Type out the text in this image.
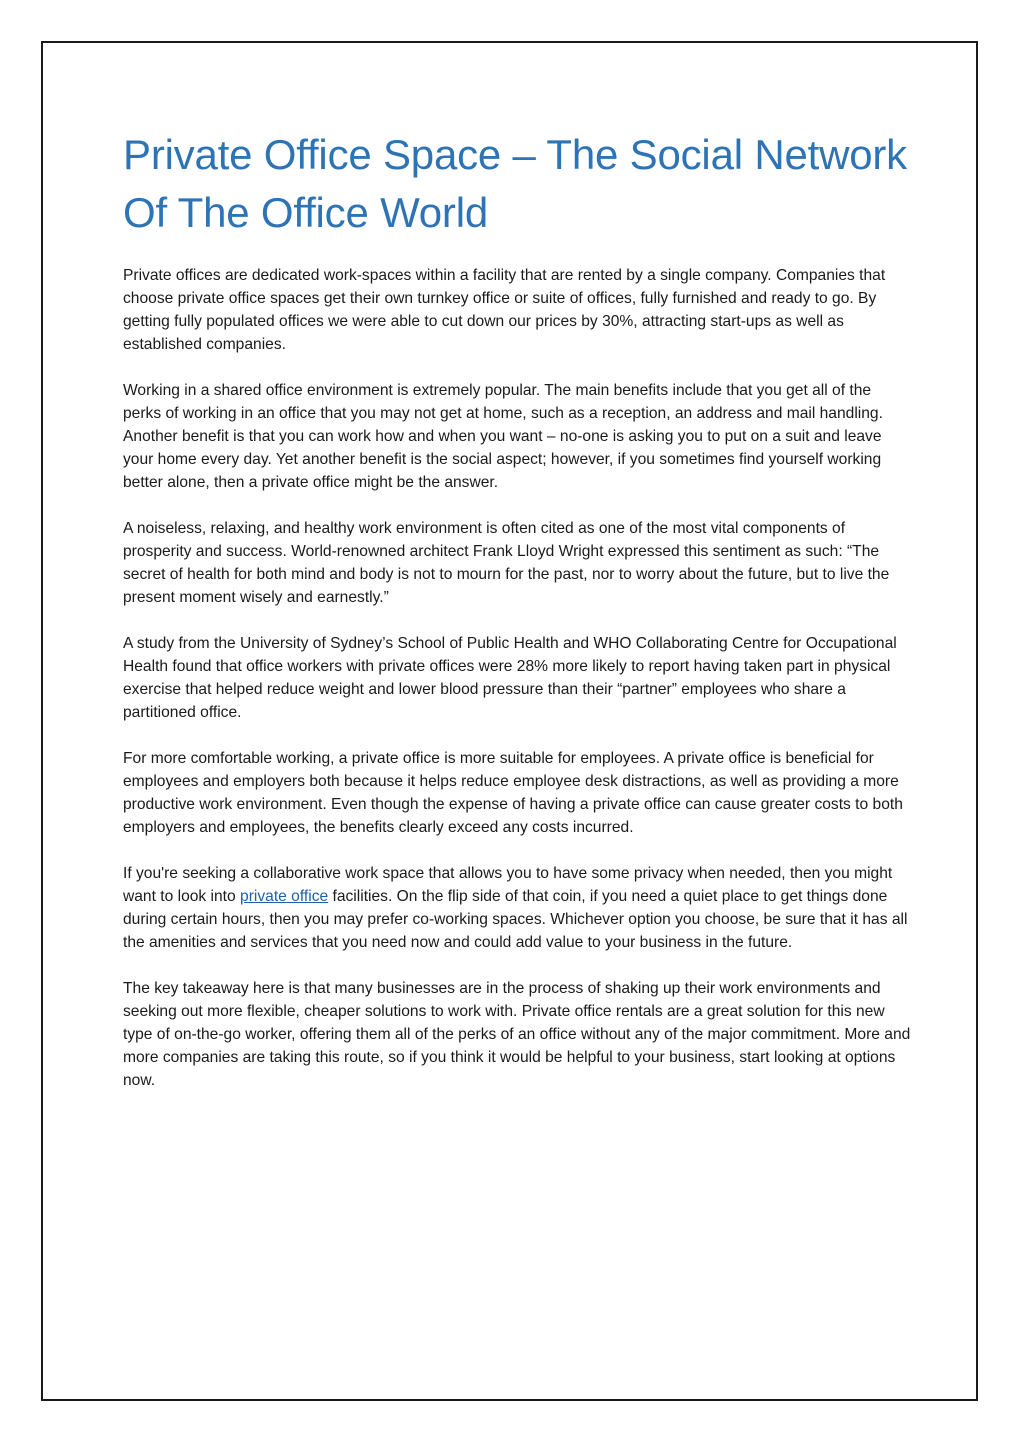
Private Office Space – The Social Network Of The Office World

Private offices are dedicated work-spaces within a facility that are rented by a single company. Companies that choose private office spaces get their own turnkey office or suite of offices, fully furnished and ready to go. By getting fully populated offices we were able to cut down our prices by 30%, attracting start-ups as well as established companies.

Working in a shared office environment is extremely popular. The main benefits include that you get all of the perks of working in an office that you may not get at home, such as a reception, an address and mail handling. Another benefit is that you can work how and when you want – no-one is asking you to put on a suit and leave your home every day. Yet another benefit is the social aspect; however, if you sometimes find yourself working better alone, then a private office might be the answer.

A noiseless, relaxing, and healthy work environment is often cited as one of the most vital components of prosperity and success. World-renowned architect Frank Lloyd Wright expressed this sentiment as such: “The secret of health for both mind and body is not to mourn for the past, nor to worry about the future, but to live the present moment wisely and earnestly.”

A study from the University of Sydney’s School of Public Health and WHO Collaborating Centre for Occupational Health found that office workers with private offices were 28% more likely to report having taken part in physical exercise that helped reduce weight and lower blood pressure than their “partner” employees who share a partitioned office.

For more comfortable working, a private office is more suitable for employees. A private office is beneficial for employees and employers both because it helps reduce employee desk distractions, as well as providing a more productive work environment. Even though the expense of having a private office can cause greater costs to both employers and employees, the benefits clearly exceed any costs incurred.

If you're seeking a collaborative work space that allows you to have some privacy when needed, then you might want to look into private office facilities. On the flip side of that coin, if you need a quiet place to get things done during certain hours, then you may prefer co-working spaces. Whichever option you choose, be sure that it has all the amenities and services that you need now and could add value to your business in the future.

The key takeaway here is that many businesses are in the process of shaking up their work environments and seeking out more flexible, cheaper solutions to work with. Private office rentals are a great solution for this new type of on-the-go worker, offering them all of the perks of an office without any of the major commitment. More and more companies are taking this route, so if you think it would be helpful to your business, start looking at options now.
